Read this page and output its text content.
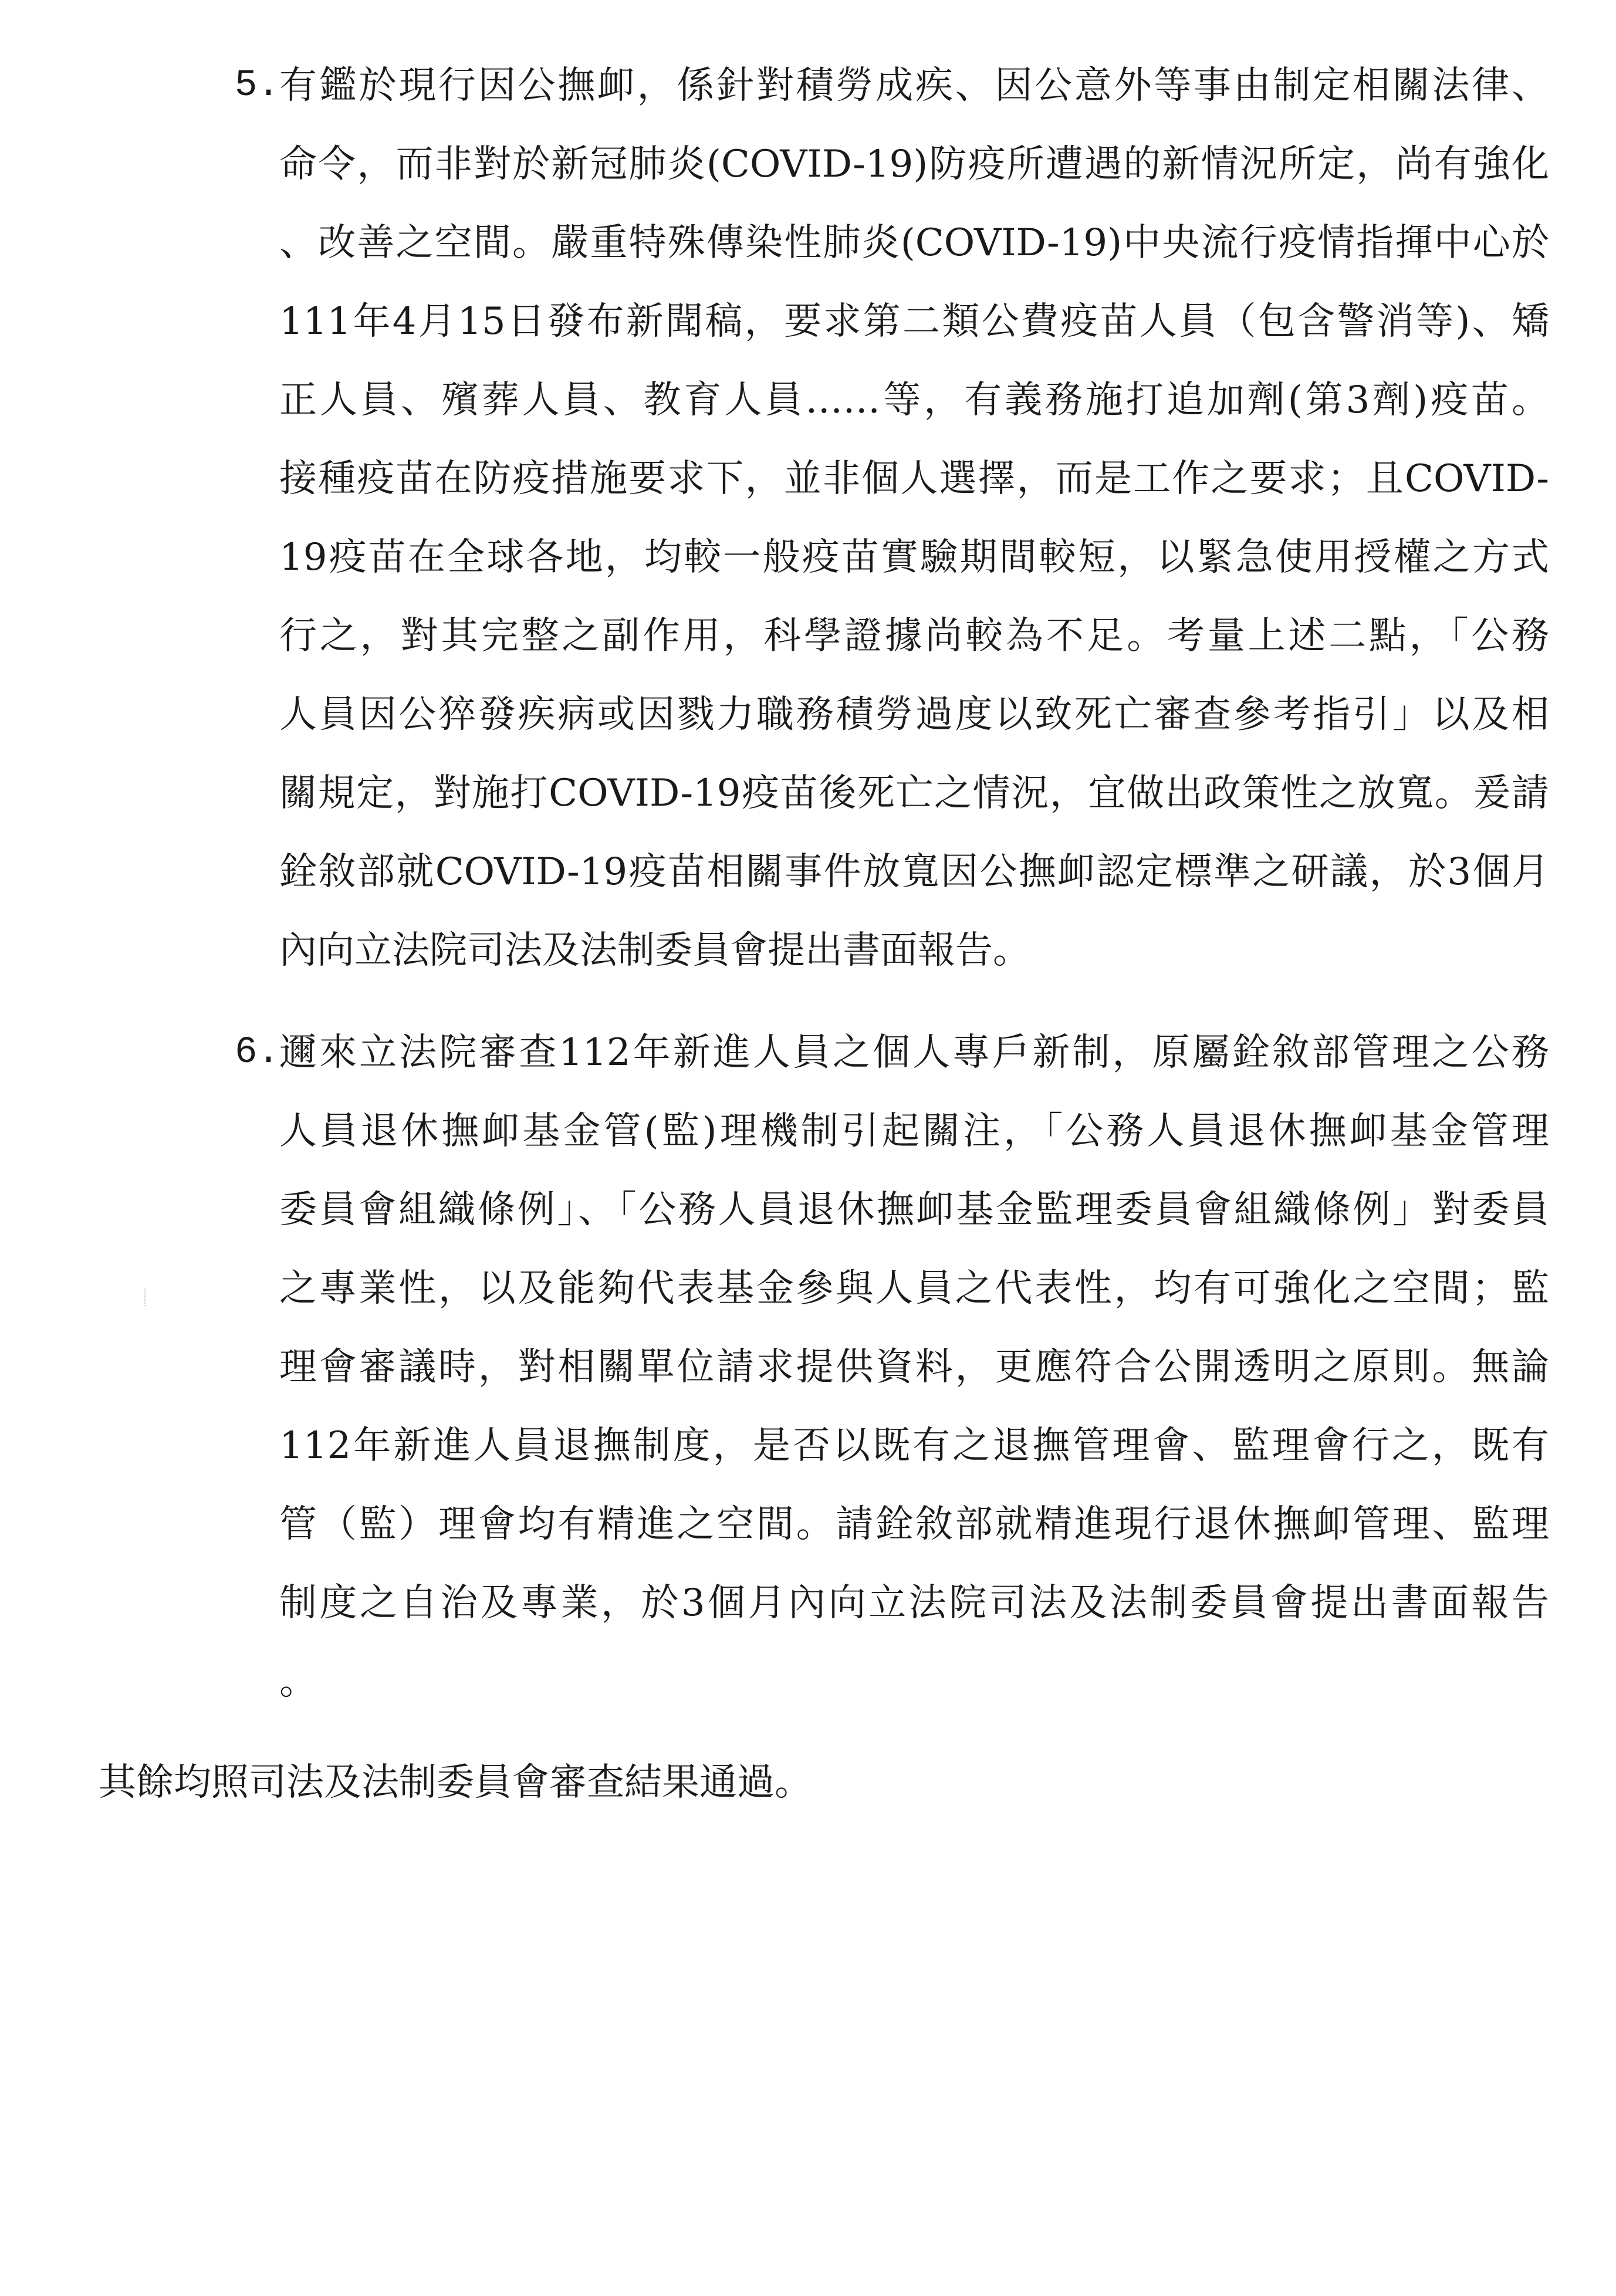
5. 有鑑於現行因公撫卹，係針對積勞成疾、因公意外等事由制定相關法律、
命令，而非對於新冠肺炎(COVID-19)防疫所遭遇的新情況所定，尚有強化
、改善之空間。嚴重特殊傳染性肺炎(COVID-19)中央流行疫情指揮中心於
111年4月15日發布新聞稿，要求第二類公費疫苗人員（包含警消等)、矯
正人員、殯葬人員、教育人員……等，有義務施打追加劑(第3劑)疫苗。
接種疫苗在防疫措施要求下，並非個人選擇，而是工作之要求；且COVID-
19疫苗在全球各地，均較一般疫苗實驗期間較短，以緊急使用授權之方式
行之，對其完整之副作用，科學證據尚較為不足。考量上述二點，「公務
人員因公猝發疾病或因戮力職務積勞過度以致死亡審查參考指引」以及相
關規定，對施打COVID-19疫苗後死亡之情況，宜做出政策性之放寬。爰請
銓敘部就COVID-19疫苗相關事件放寬因公撫卹認定標準之研議，於3個月
內向立法院司法及法制委員會提出書面報告。
6. 邇來立法院審查112年新進人員之個人專戶新制，原屬銓敘部管理之公務
人員退休撫卹基金管(監)理機制引起關注，「公務人員退休撫卹基金管理
委員會組織條例」、「公務人員退休撫卹基金監理委員會組織條例」對委員
之專業性，以及能夠代表基金參與人員之代表性，均有可強化之空間；監
理會審議時，對相關單位請求提供資料，更應符合公開透明之原則。無論
112年新進人員退撫制度，是否以既有之退撫管理會、監理會行之，既有
管（監）理會均有精進之空間。請銓敘部就精進現行退休撫卹管理、監理
制度之自治及專業，於3個月內向立法院司法及法制委員會提出書面報告
。
其餘均照司法及法制委員會審查結果通過。
